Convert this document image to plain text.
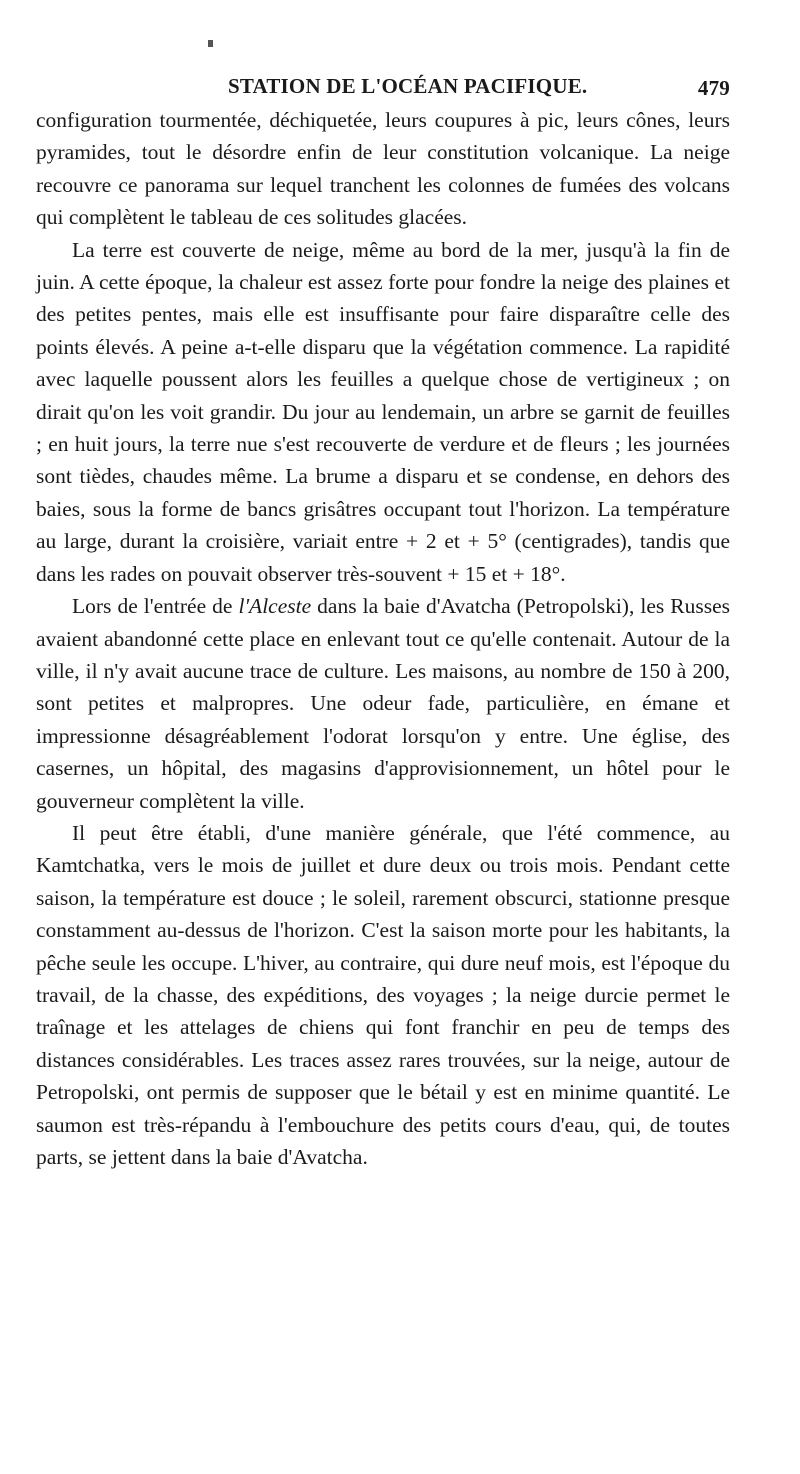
STATION DE L'OCÉAN PACIFIQUE.	479

configuration tourmentée, déchiquetée, leurs coupures à pic, leurs cônes, leurs pyramides, tout le désordre enfin de leur constitution volcanique. La neige recouvre ce panorama sur lequel tranchent les colonnes de fumées des volcans qui complètent le tableau de ces solitudes glacées.

La terre est couverte de neige, même au bord de la mer, jusqu'à la fin de juin. A cette époque, la chaleur est assez forte pour fondre la neige des plaines et des petites pentes, mais elle est insuffisante pour faire disparaître celle des points élevés. A peine a-t-elle disparu que la végétation commence. La rapidité avec laquelle poussent alors les feuilles a quelque chose de vertigineux ; on dirait qu'on les voit grandir. Du jour au lendemain, un arbre se garnit de feuilles ; en huit jours, la terre nue s'est recouverte de verdure et de fleurs ; les journées sont tièdes, chaudes même. La brume a disparu et se condense, en dehors des baies, sous la forme de bancs grisâtres occupant tout l'horizon. La température au large, durant la croisière, variait entre + 2 et + 5° (centigrades), tandis que dans les rades on pouvait observer très-souvent + 15 et + 18°.

Lors de l'entrée de l'Alceste dans la baie d'Avatcha (Petropolski), les Russes avaient abandonné cette place en enlevant tout ce qu'elle contenait. Autour de la ville, il n'y avait aucune trace de culture. Les maisons, au nombre de 150 à 200, sont petites et malpropres. Une odeur fade, particulière, en émane et impressionne désagréablement l'odorat lorsqu'on y entre. Une église, des casernes, un hôpital, des magasins d'approvisionnement, un hôtel pour le gouverneur complètent la ville.

Il peut être établi, d'une manière générale, que l'été commence, au Kamtchatka, vers le mois de juillet et dure deux ou trois mois. Pendant cette saison, la température est douce ; le soleil, rarement obscurci, stationne presque constamment au-dessus de l'horizon. C'est la saison morte pour les habitants, la pêche seule les occupe. L'hiver, au contraire, qui dure neuf mois, est l'époque du travail, de la chasse, des expéditions, des voyages ; la neige durcie permet le traînage et les attelages de chiens qui font franchir en peu de temps des distances considérables. Les traces assez rares trouvées, sur la neige, autour de Petropolski, ont permis de supposer que le bétail y est en minime quantité. Le saumon est très-répandu à l'embouchure des petits cours d'eau, qui, de toutes parts, se jettent dans la baie d'Avatcha.
